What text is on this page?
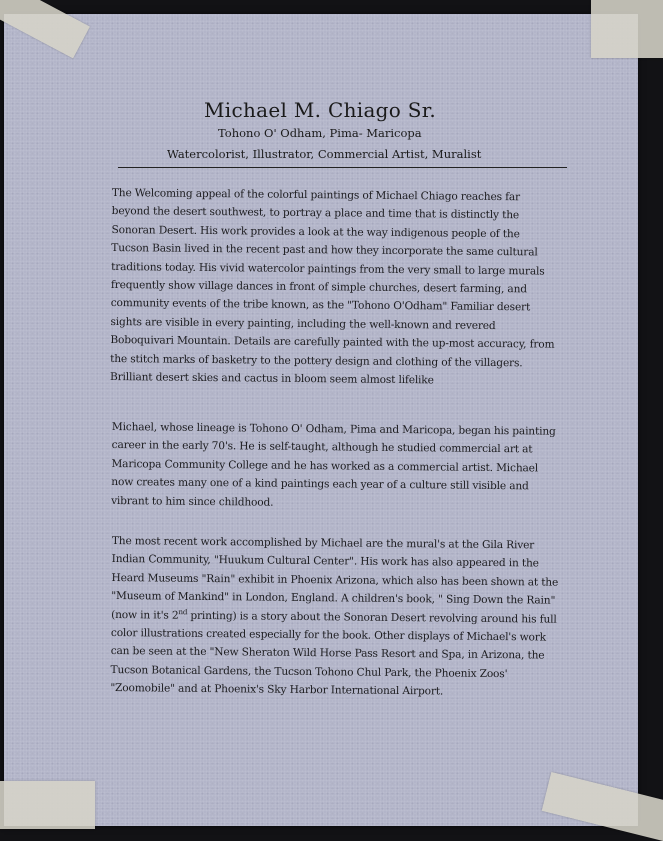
Michael M. Chiago Sr.
Tohono O' Odham, Pima- Maricopa
Watercolorist, Illustrator, Commercial Artist, Muralist

The Welcoming appeal of the colorful paintings of Michael Chiago reaches far beyond the desert southwest, to portray a place and time that is distinctly the Sonoran Desert. His work provides a look at the way indigenous people of the Tucson Basin lived in the recent past and how they incorporate the same cultural traditions today. His vivid watercolor paintings from the very small to large murals frequently show village dances in front of simple churches, desert farming, and community events of the tribe known, as the "Tohono O'Odham" Familiar desert sights are visible in every painting, including the well-known and revered Boboquivari Mountain. Details are carefully painted with the up-most accuracy, from the stitch marks of basketry to the pottery design and clothing of the villagers. Brilliant desert skies and cactus in bloom seem almost lifelike

Michael, whose lineage is Tohono O' Odham, Pima and Maricopa, began his painting career in the early 70's. He is self-taught, although he studied commercial art at Maricopa Community College and he has worked as a commercial artist. Michael now creates many one of a kind paintings each year of a culture still visible and vibrant to him since childhood.

The most recent work accomplished by Michael are the mural's at the Gila River Indian Community, "Huukum Cultural Center". His work has also appeared in the Heard Museums "Rain" exhibit in Phoenix Arizona, which also has been shown at the "Museum of Mankind" in London, England. A children's book, " Sing Down the Rain" (now in it's 2nd printing) is a story about the Sonoran Desert revolving around his full color illustrations created especially for the book. Other displays of Michael's work can be seen at the "New Sheraton Wild Horse Pass Resort and Spa, in Arizona, the Tucson Botanical Gardens, the Tucson Tohono Chul Park, the Phoenix Zoos' "Zoomobile" and at Phoenix's Sky Harbor International Airport.
